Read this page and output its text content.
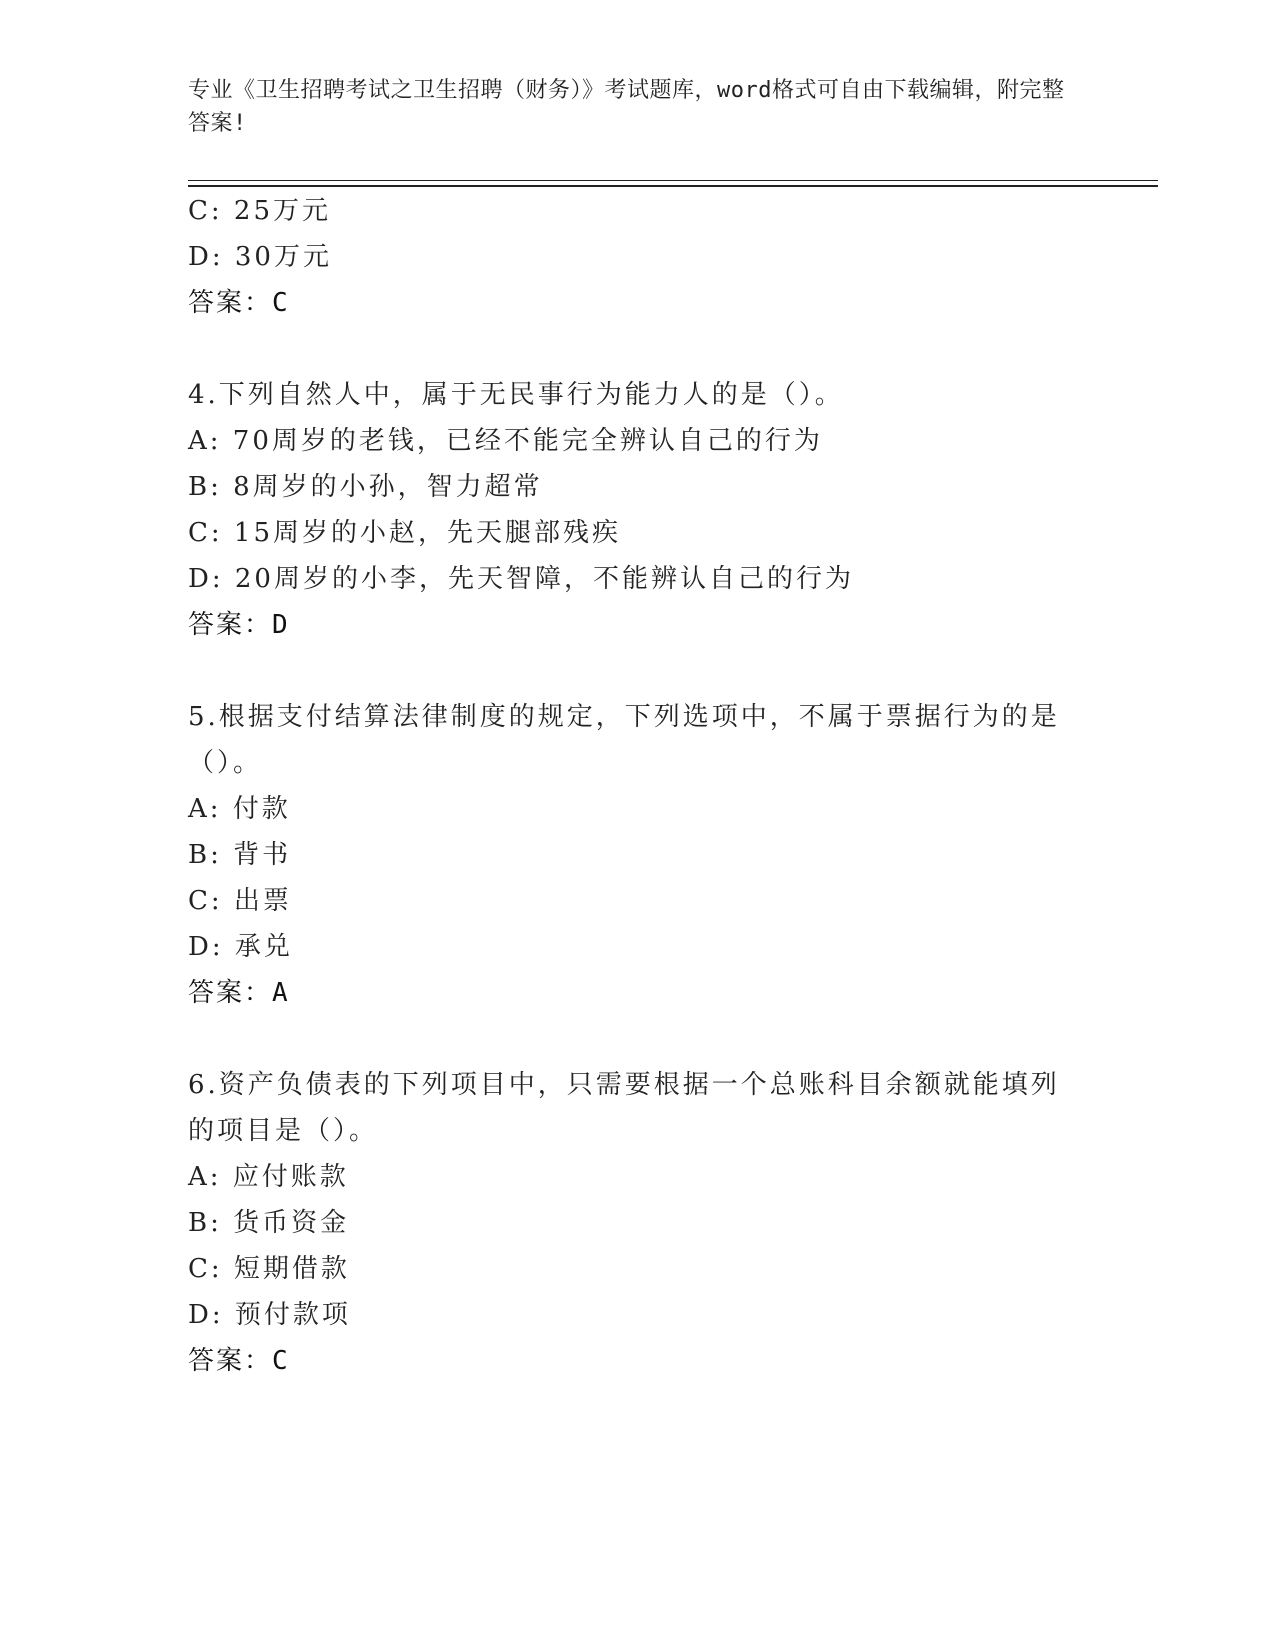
专业《卫生招聘考试之卫生招聘（财务）》考试题库，word格式可自由下载编辑，附完整答案!
C: 25万元
D: 30万元
答案：C
4.下列自然人中，属于无民事行为能力人的是（）。
A: 70周岁的老钱，已经不能完全辨认自己的行为
B: 8周岁的小孙，智力超常
C: 15周岁的小赵，先天腿部残疾
D: 20周岁的小李，先天智障，不能辨认自己的行为
答案：D
5.根据支付结算法律制度的规定，下列选项中，不属于票据行为的是（）。
A: 付款
B: 背书
C: 出票
D: 承兑
答案：A
6.资产负债表的下列项目中，只需要根据一个总账科目余额就能填列的项目是（）。
A: 应付账款
B: 货币资金
C: 短期借款
D: 预付款项
答案：C
